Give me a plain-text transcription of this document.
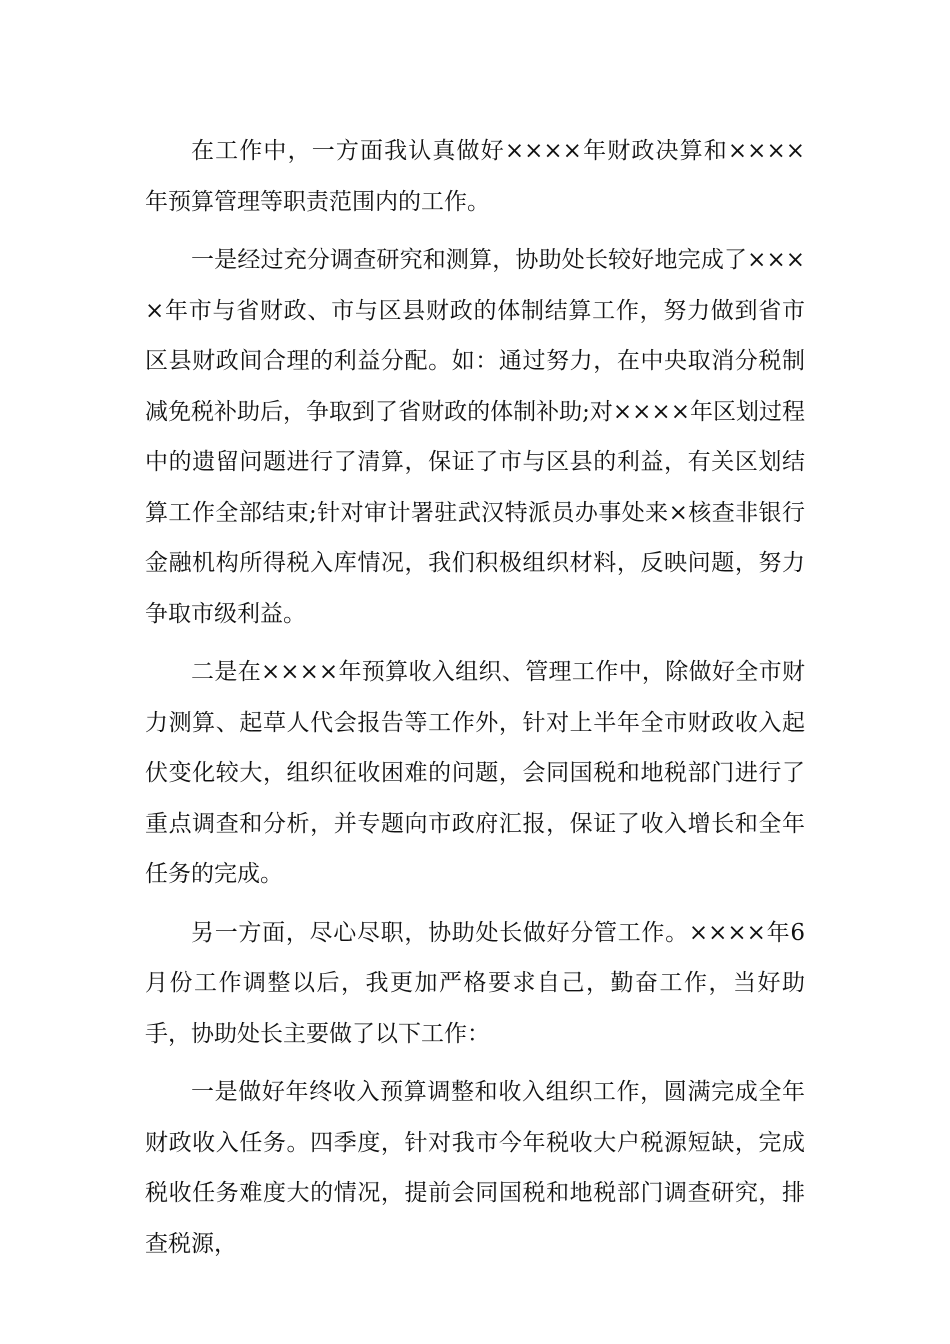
在工作中，一方面我认真做好××××年财政决算和××××年预算管理等职责范围内的工作。

一是经过充分调查研究和测算，协助处长较好地完成了××××年市与省财政、市与区县财政的体制结算工作，努力做到省市区县财政间合理的利益分配。如：通过努力，在中央取消分税制减免税补助后，争取到了省财政的体制补助;对××××年区划过程中的遗留问题进行了清算，保证了市与区县的利益，有关区划结算工作全部结束;针对审计署驻武汉特派员办事处来×核查非银行金融机构所得税入库情况，我们积极组织材料，反映问题，努力争取市级利益。

二是在××××年预算收入组织、管理工作中，除做好全市财力测算、起草人代会报告等工作外，针对上半年全市财政收入起伏变化较大，组织征收困难的问题，会同国税和地税部门进行了重点调查和分析，并专题向市政府汇报，保证了收入增长和全年任务的完成。

另一方面，尽心尽职，协助处长做好分管工作。××××年6月份工作调整以后，我更加严格要求自己，勤奋工作，当好助手，协助处长主要做了以下工作：

一是做好年终收入预算调整和收入组织工作，圆满完成全年财政收入任务。四季度，针对我市今年税收大户税源短缺，完成税收任务难度大的情况，提前会同国税和地税部门调查研究，排查税源，
